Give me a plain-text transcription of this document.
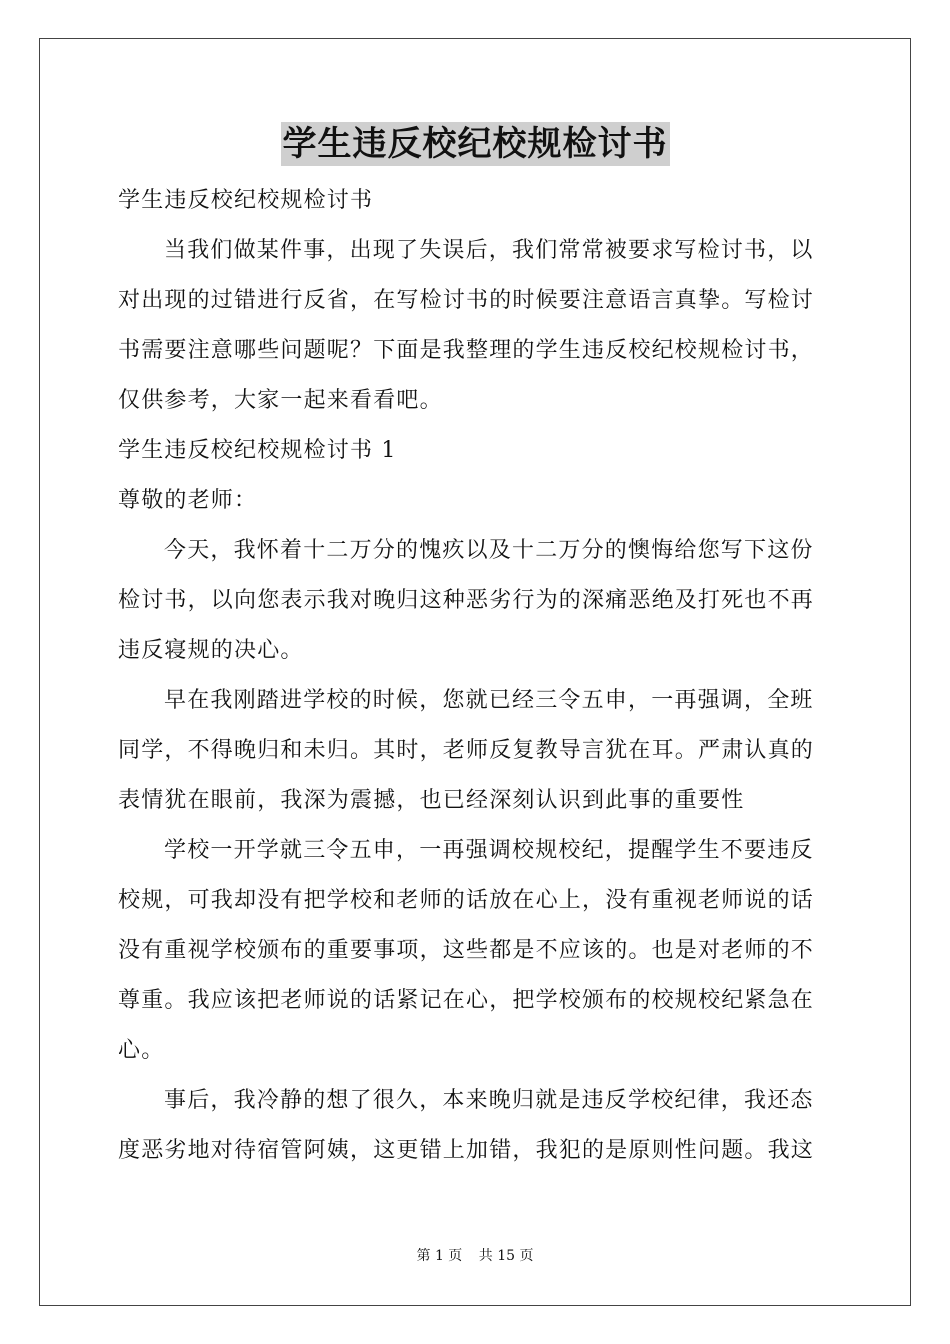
学生违反校纪校规检讨书
学生违反校纪校规检讨书
当我们做某件事，出现了失误后，我们常常被要求写检讨书，以
对出现的过错进行反省，在写检讨书的时候要注意语言真挚。写检讨
书需要注意哪些问题呢？下面是我整理的学生违反校纪校规检讨书，
仅供参考，大家一起来看看吧。
学生违反校纪校规检讨书 1
尊敬的老师：
今天，我怀着十二万分的愧疚以及十二万分的懊悔给您写下这份
检讨书，以向您表示我对晚归这种恶劣行为的深痛恶绝及打死也不再
违反寝规的决心。
早在我刚踏进学校的时候，您就已经三令五申，一再强调，全班
同学，不得晚归和未归。其时，老师反复教导言犹在耳。严肃认真的
表情犹在眼前，我深为震撼，也已经深刻认识到此事的重要性
学校一开学就三令五申，一再强调校规校纪，提醒学生不要违反
校规，可我却没有把学校和老师的话放在心上，没有重视老师说的话
没有重视学校颁布的重要事项，这些都是不应该的。也是对老师的不
尊重。我应该把老师说的话紧记在心，把学校颁布的校规校纪紧急在
心。
事后，我冷静的想了很久，本来晚归就是违反学校纪律，我还态
度恶劣地对待宿管阿姨，这更错上加错，我犯的是原则性问题。我这
第 1 页 共 15 页
